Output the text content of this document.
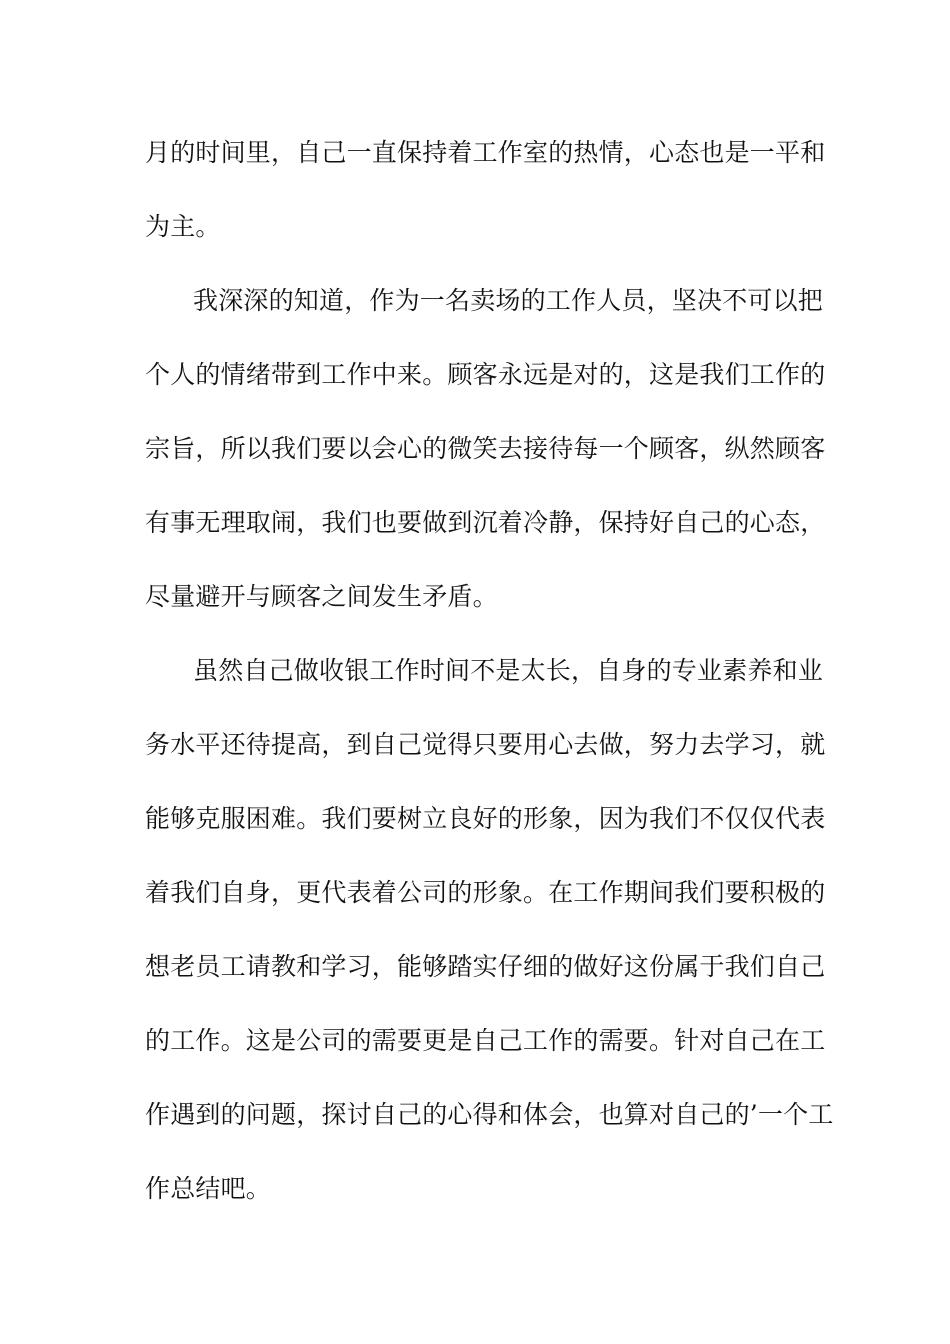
月的时间里，自己一直保持着工作室的热情，心态也是一平和
为主。
我深深的知道，作为一名卖场的工作人员，坚决不可以把
个人的情绪带到工作中来。顾客永远是对的，这是我们工作的
宗旨，所以我们要以会心的微笑去接待每一个顾客，纵然顾客
有事无理取闹，我们也要做到沉着冷静，保持好自己的心态，
尽量避开与顾客之间发生矛盾。
虽然自己做收银工作时间不是太长，自身的专业素养和业
务水平还待提高，到自己觉得只要用心去做，努力去学习，就
能够克服困难。我们要树立良好的形象，因为我们不仅仅代表
着我们自身，更代表着公司的形象。在工作期间我们要积极的
想老员工请教和学习，能够踏实仔细的做好这份属于我们自己
的工作。这是公司的需要更是自己工作的需要。针对自己在工
作遇到的问题，探讨自己的心得和体会，也算对自己的’一个工
作总结吧。
